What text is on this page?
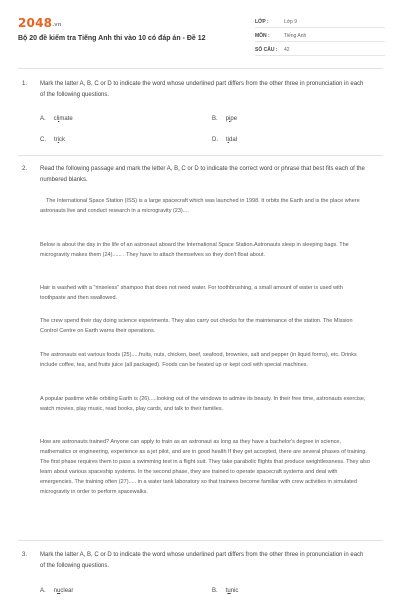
2048.vn
Bộ 20 đề kiểm tra Tiếng Anh thi vào 10 có đáp án - Đề 12
LỚP :	Lớp 9
MÔN :	Tiếng Anh
SỐ CÂU : 42
1. Mark the latter A, B, C or D to indicate the word whose underlined part differs from the other three in pronunciation in each of the following questions.
A. climate	B. pipe
C. trick	D. tidal
2. Read the following passage and mark the letter A, B, C or D to indicate the correct word or phrase that best fits each of the numbered blanks.
The International Space Station (ISS) is a large spacecraft which was launched in 1998. It orbits the Earth and is the place where astronauts live and conduct research in a microgravity (23)....
Below is about the day in the life of an astronaut aboard the International Space Station.Astronauts sleep in sleeping bags. The microgravity makes them (24)...... . They have to attach themselves so they don't float about.
Hair is washed with a "rinseless" shampoo that does not need water. For toothbrushing, a small amount of water is used with toothpaste and then swallowed.
The crew spend their day doing science experiments. They also carry out checks for the maintenance of the station. The Mission Control Centre on Earth warns their operations.
The astronauts eat various foods (25).....fruits, nuts, chicken, beef, seafood, brownies, salt and pepper (in liquid forms), etc. Drinks include coffee, tea, and fruits juice (all packaged). Foods can be heated up or kept cool with special machines.
A popular pastime while orbiting Earth is (26).....looking out of the windows to admire its beauty. In their free time, astronauts exercise, watch movies, play music, read books, play cards, and talk to their families.
How are astronauts trained? Anyone can apply to train as an astronaut as long as they have a bachelor's degree in science, mathematics or engineering, experience as a jet pilot, and are in good health If they get accepted, there are several phases of training. The first phase requires them to pass a swimming test in a flight suit. They take parabolic flights that produce weightlessness. They also learn about various spaceship systems. In the second phase, they are trained to operate spacecraft systems and deal with emergencies. The training often (27)..... in a water tank laboratory so that trainees become familiar with crew activities in simulated microgravity in order to perform spacewalks.
3. Mark the latter A, B, C or D to indicate the word whose underlined part differs from the other three in pronunciation in each of the following questions.
A. nuclear	B. tunic
